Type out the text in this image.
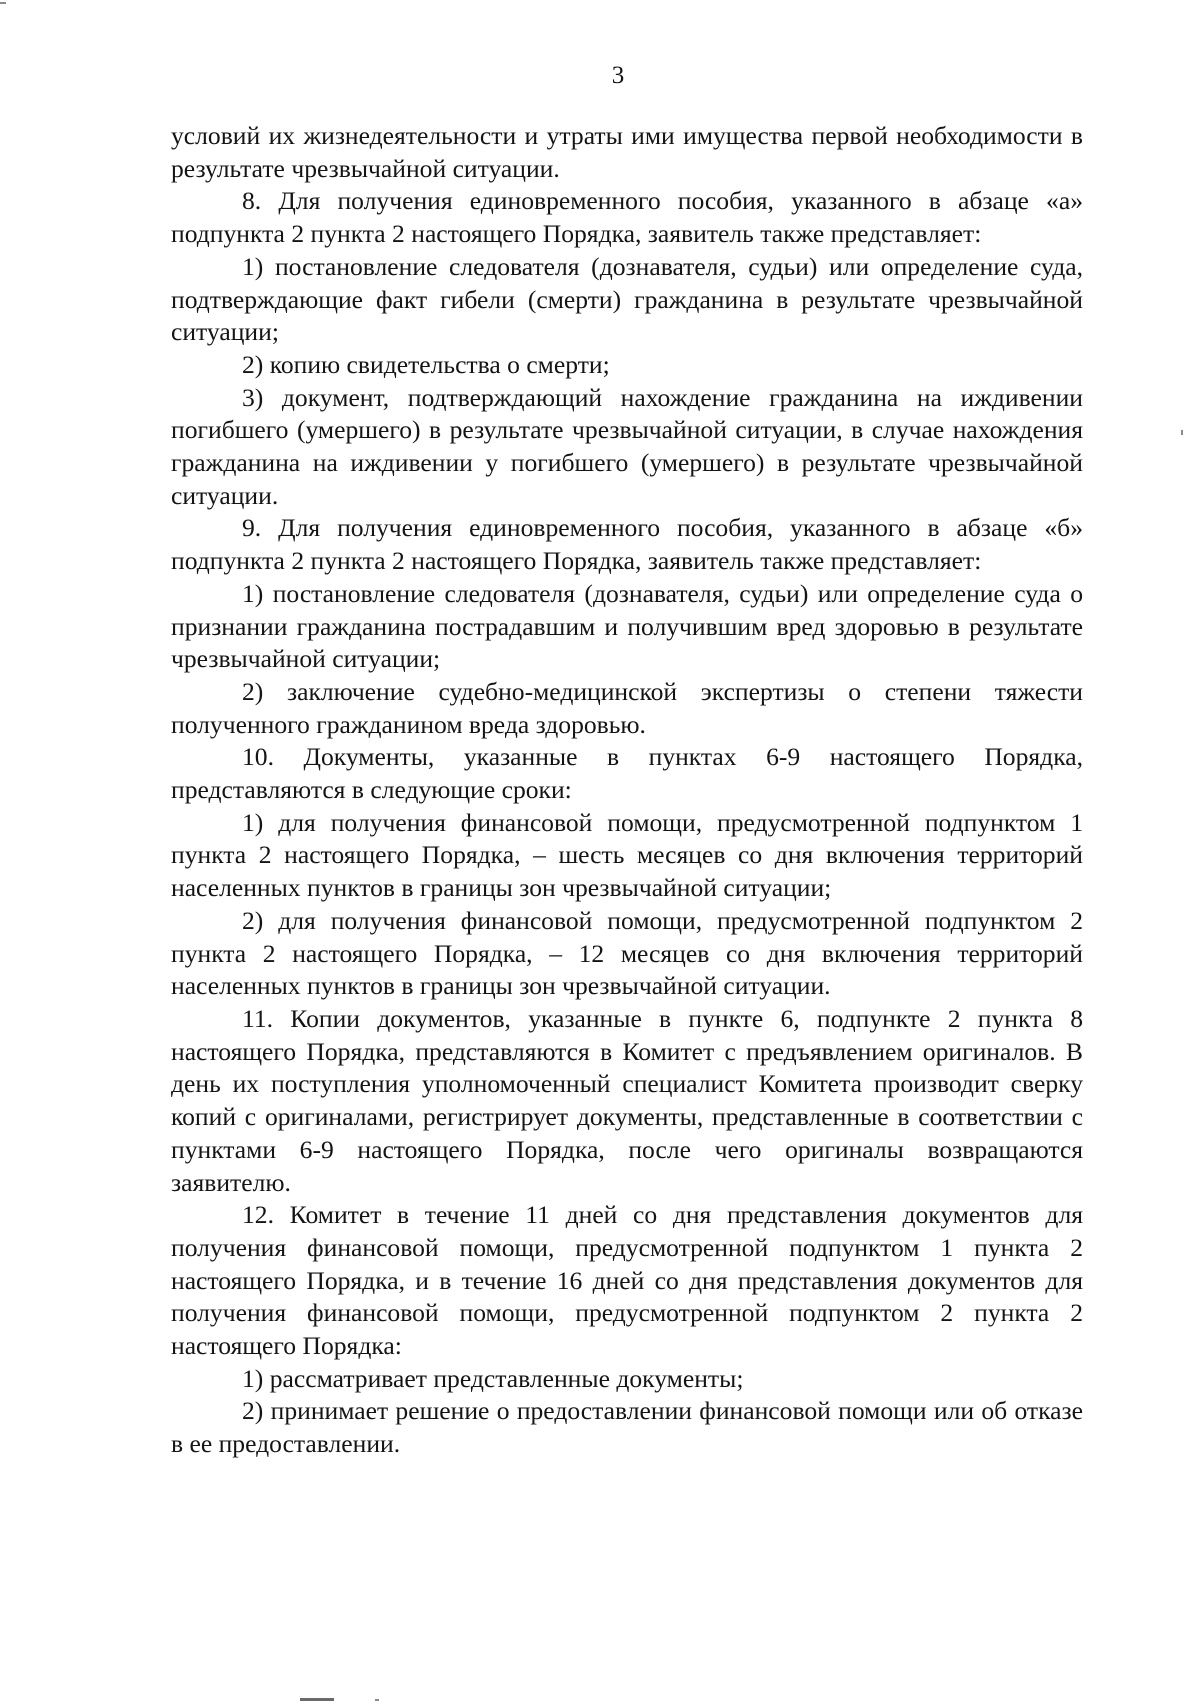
3

условий их жизнедеятельности и утраты ими имущества первой необходимости в результате чрезвычайной ситуации.

8. Для получения единовременного пособия, указанного в абзаце «а» подпункта 2 пункта 2 настоящего Порядка, заявитель также представляет:

1) постановление следователя (дознавателя, судьи) или определение суда, подтверждающие факт гибели (смерти) гражданина в результате чрезвычайной ситуации;

2) копию свидетельства о смерти;

3) документ, подтверждающий нахождение гражданина на иждивении погибшего (умершего) в результате чрезвычайной ситуации, в случае нахождения гражданина на иждивении у погибшего (умершего) в результате чрезвычайной ситуации.

9. Для получения единовременного пособия, указанного в абзаце «б» подпункта 2 пункта 2 настоящего Порядка, заявитель также представляет:

1) постановление следователя (дознавателя, судьи) или определение суда о признании гражданина пострадавшим и получившим вред здоровью в результате чрезвычайной ситуации;

2) заключение судебно-медицинской экспертизы о степени тяжести полученного гражданином вреда здоровью.

10. Документы, указанные в пунктах 6-9 настоящего Порядка, представляются в следующие сроки:

1) для получения финансовой помощи, предусмотренной подпунктом 1 пункта 2 настоящего Порядка, – шесть месяцев со дня включения территорий населенных пунктов в границы зон чрезвычайной ситуации;

2) для получения финансовой помощи, предусмотренной подпунктом 2 пункта 2 настоящего Порядка, – 12 месяцев со дня включения территорий населенных пунктов в границы зон чрезвычайной ситуации.

11. Копии документов, указанные в пункте 6, подпункте 2 пункта 8 настоящего Порядка, представляются в Комитет с предъявлением оригиналов. В день их поступления уполномоченный специалист Комитета производит сверку копий с оригиналами, регистрирует документы, представленные в соответствии с пунктами 6-9 настоящего Порядка, после чего оригиналы возвращаются заявителю.

12. Комитет в течение 11 дней со дня представления документов для получения финансовой помощи, предусмотренной подпунктом 1 пункта 2 настоящего Порядка, и в течение 16 дней со дня представления документов для получения финансовой помощи, предусмотренной подпунктом 2 пункта 2 настоящего Порядка:

1) рассматривает представленные документы;

2) принимает решение о предоставлении финансовой помощи или об отказе в ее предоставлении.
